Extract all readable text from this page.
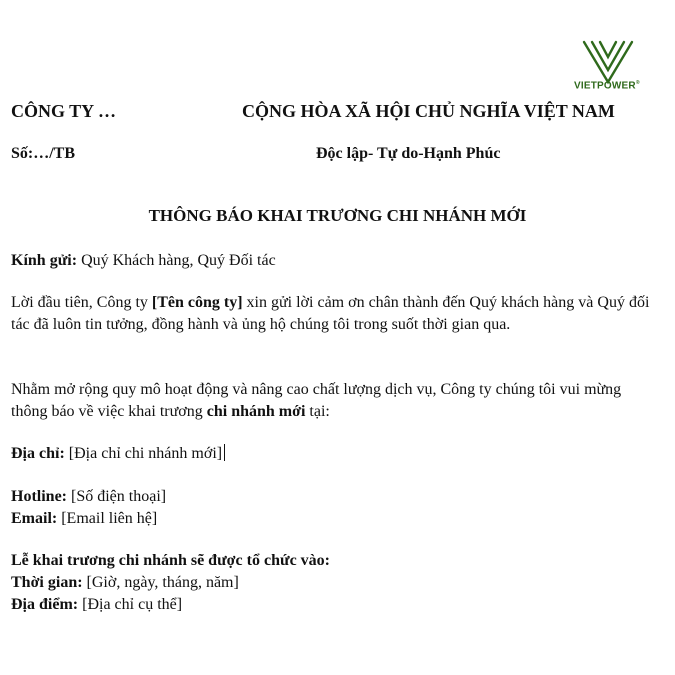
VIETPOWER®
CÔNG TY …	CỘNG HÒA XÃ HỘI CHỦ NGHĨA VIỆT NAM
Số:…/TB	Độc lập- Tự do-Hạnh Phúc
THÔNG BÁO KHAI TRƯƠNG CHI NHÁNH MỚI
Kính gửi: Quý Khách hàng, Quý Đối tác
Lời đầu tiên, Công ty [Tên công ty] xin gửi lời cảm ơn chân thành đến Quý khách hàng và Quý đối tác đã luôn tin tưởng, đồng hành và ủng hộ chúng tôi trong suốt thời gian qua.
Nhằm mở rộng quy mô hoạt động và nâng cao chất lượng dịch vụ, Công ty chúng tôi vui mừng thông báo về việc khai trương chi nhánh mới tại:
Địa chỉ: [Địa chỉ chi nhánh mới]
Hotline: [Số điện thoại]
Email: [Email liên hệ]
Lễ khai trương chi nhánh sẽ được tổ chức vào:
Thời gian: [Giờ, ngày, tháng, năm]
Địa điểm: [Địa chỉ cụ thể]
